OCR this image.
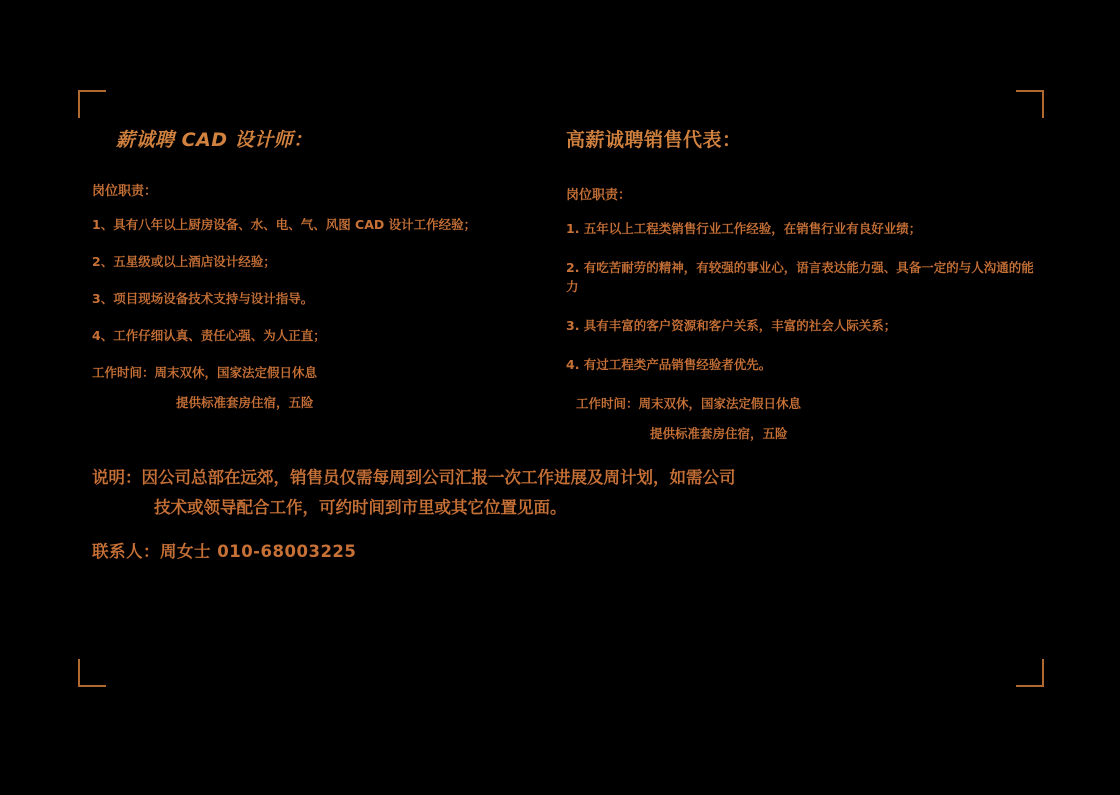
薪诚聘 CAD 设计师：
岗位职责：
1、具有八年以上厨房设备、水、电、气、风图 CAD 设计工作经验；
2、五星级或以上酒店设计经验；
3、项目现场设备技术支持与设计指导。
4、工作仔细认真、责任心强、为人正直；
工作时间：周末双休，国家法定假日休息
提供标准套房住宿，五险
高薪诚聘销售代表：
岗位职责：
1. 五年以上工程类销售行业工作经验，在销售行业有良好业绩；
2. 有吃苦耐劳的精神，有较强的事业心，语言表达能力强、具备一定的与人沟通的能力
3. 具有丰富的客户资源和客户关系，丰富的社会人际关系；
4. 有过工程类产品销售经验者优先。
工作时间：周末双休，国家法定假日休息
提供标准套房住宿，五险
说明：因公司总部在远郊，销售员仅需每周到公司汇报一次工作进展及周计划，如需公司
技术或领导配合工作，可约时间到市里或其它位置见面。
联系人：周女士 010-68003225
